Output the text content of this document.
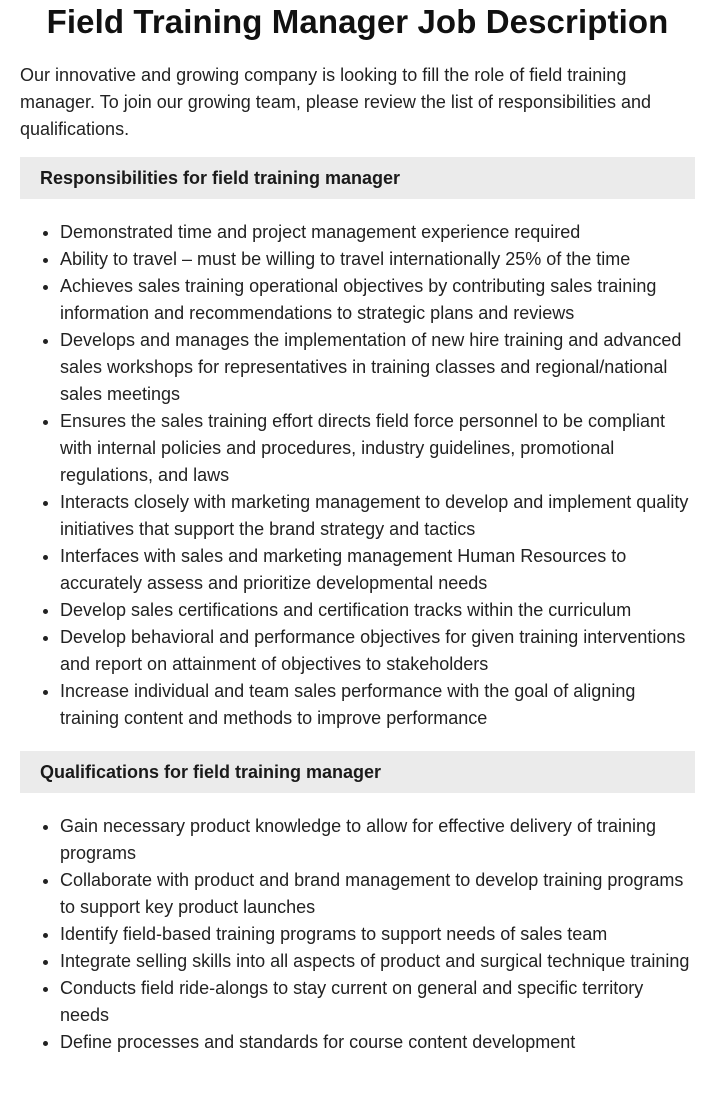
Field Training Manager Job Description

Our innovative and growing company is looking to fill the role of field training manager. To join our growing team, please review the list of responsibilities and qualifications.

Responsibilities for field training manager
• Demonstrated time and project management experience required
• Ability to travel – must be willing to travel internationally 25% of the time
• Achieves sales training operational objectives by contributing sales training information and recommendations to strategic plans and reviews
• Develops and manages the implementation of new hire training and advanced sales workshops for representatives in training classes and regional/national sales meetings
• Ensures the sales training effort directs field force personnel to be compliant with internal policies and procedures, industry guidelines, promotional regulations, and laws
• Interacts closely with marketing management to develop and implement quality initiatives that support the brand strategy and tactics
• Interfaces with sales and marketing management Human Resources to accurately assess and prioritize developmental needs
• Develop sales certifications and certification tracks within the curriculum
• Develop behavioral and performance objectives for given training interventions and report on attainment of objectives to stakeholders
• Increase individual and team sales performance with the goal of aligning training content and methods to improve performance
Qualifications for field training manager
• Gain necessary product knowledge to allow for effective delivery of training programs
• Collaborate with product and brand management to develop training programs to support key product launches
• Identify field-based training programs to support needs of sales team
• Integrate selling skills into all aspects of product and surgical technique training
• Conducts field ride-alongs to stay current on general and specific territory needs
• Define processes and standards for course content development
